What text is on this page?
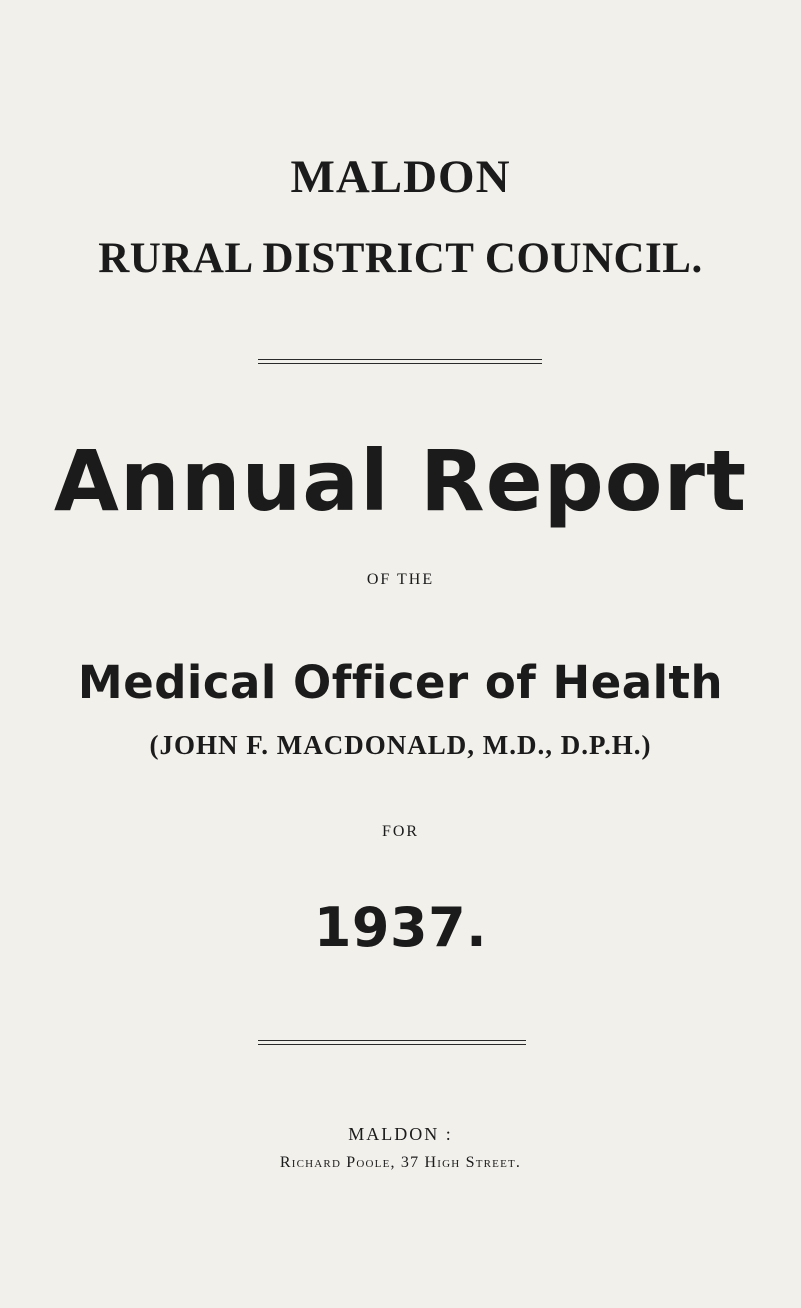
MALDON
RURAL DISTRICT COUNCIL.
Annual Report
OF THE
Medical Officer of Health
(JOHN F. MACDONALD, M.D., D.P.H.)
FOR
1937.
MALDON :
Richard Poole, 37 High Street.
